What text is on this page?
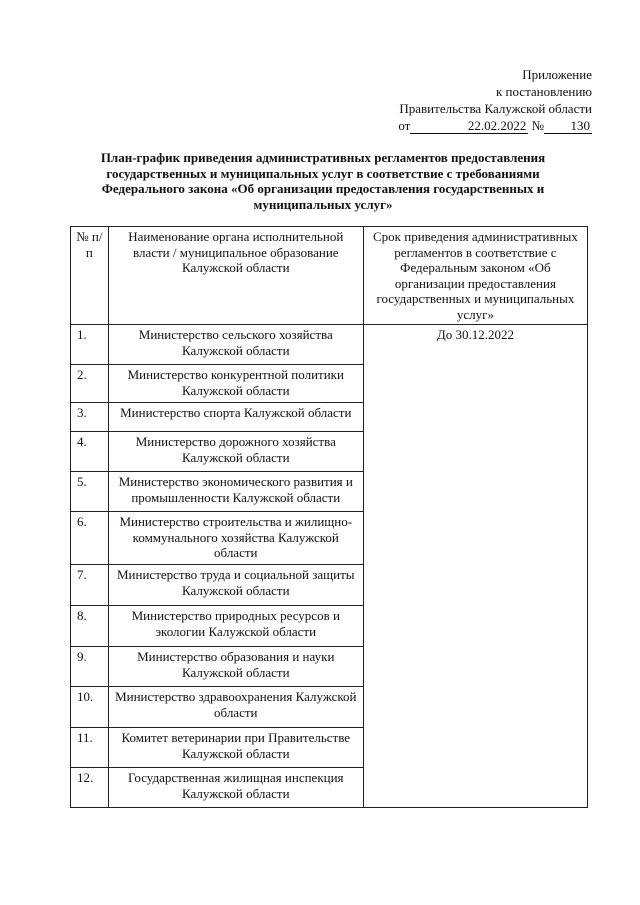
Приложение
к постановлению
Правительства Калужской области
от	22.02.2022 № 130
План-график приведения административных регламентов предоставления государственных и муниципальных услуг в соответствие с требованиями Федерального закона «Об организации предоставления государственных и муниципальных услуг»
№ п/п	Наименование органа исполнительной власти / муниципальное образование Калужской области	Срок приведения административных регламентов в соответствие с Федеральным законом «Об организации предоставления государственных и муниципальных услуг»
1.	Министерство сельского хозяйства Калужской области	До 30.12.2022
2.	Министерство конкурентной политики Калужской области	
3.	Министерство спорта Калужской области	
4.	Министерство дорожного хозяйства Калужской области	
5.	Министерство экономического развития и промышленности Калужской области	
6.	Министерство строительства и жилищно-коммунального хозяйства Калужской области	
7.	Министерство труда и социальной защиты Калужской области	
8.	Министерство природных ресурсов и экологии Калужской области	
9.	Министерство образования и науки Калужской области	
10.	Министерство здравоохранения Калужской области	
11.	Комитет ветеринарии при Правительстве Калужской области	
12.	Государственная жилищная инспекция Калужской области	
